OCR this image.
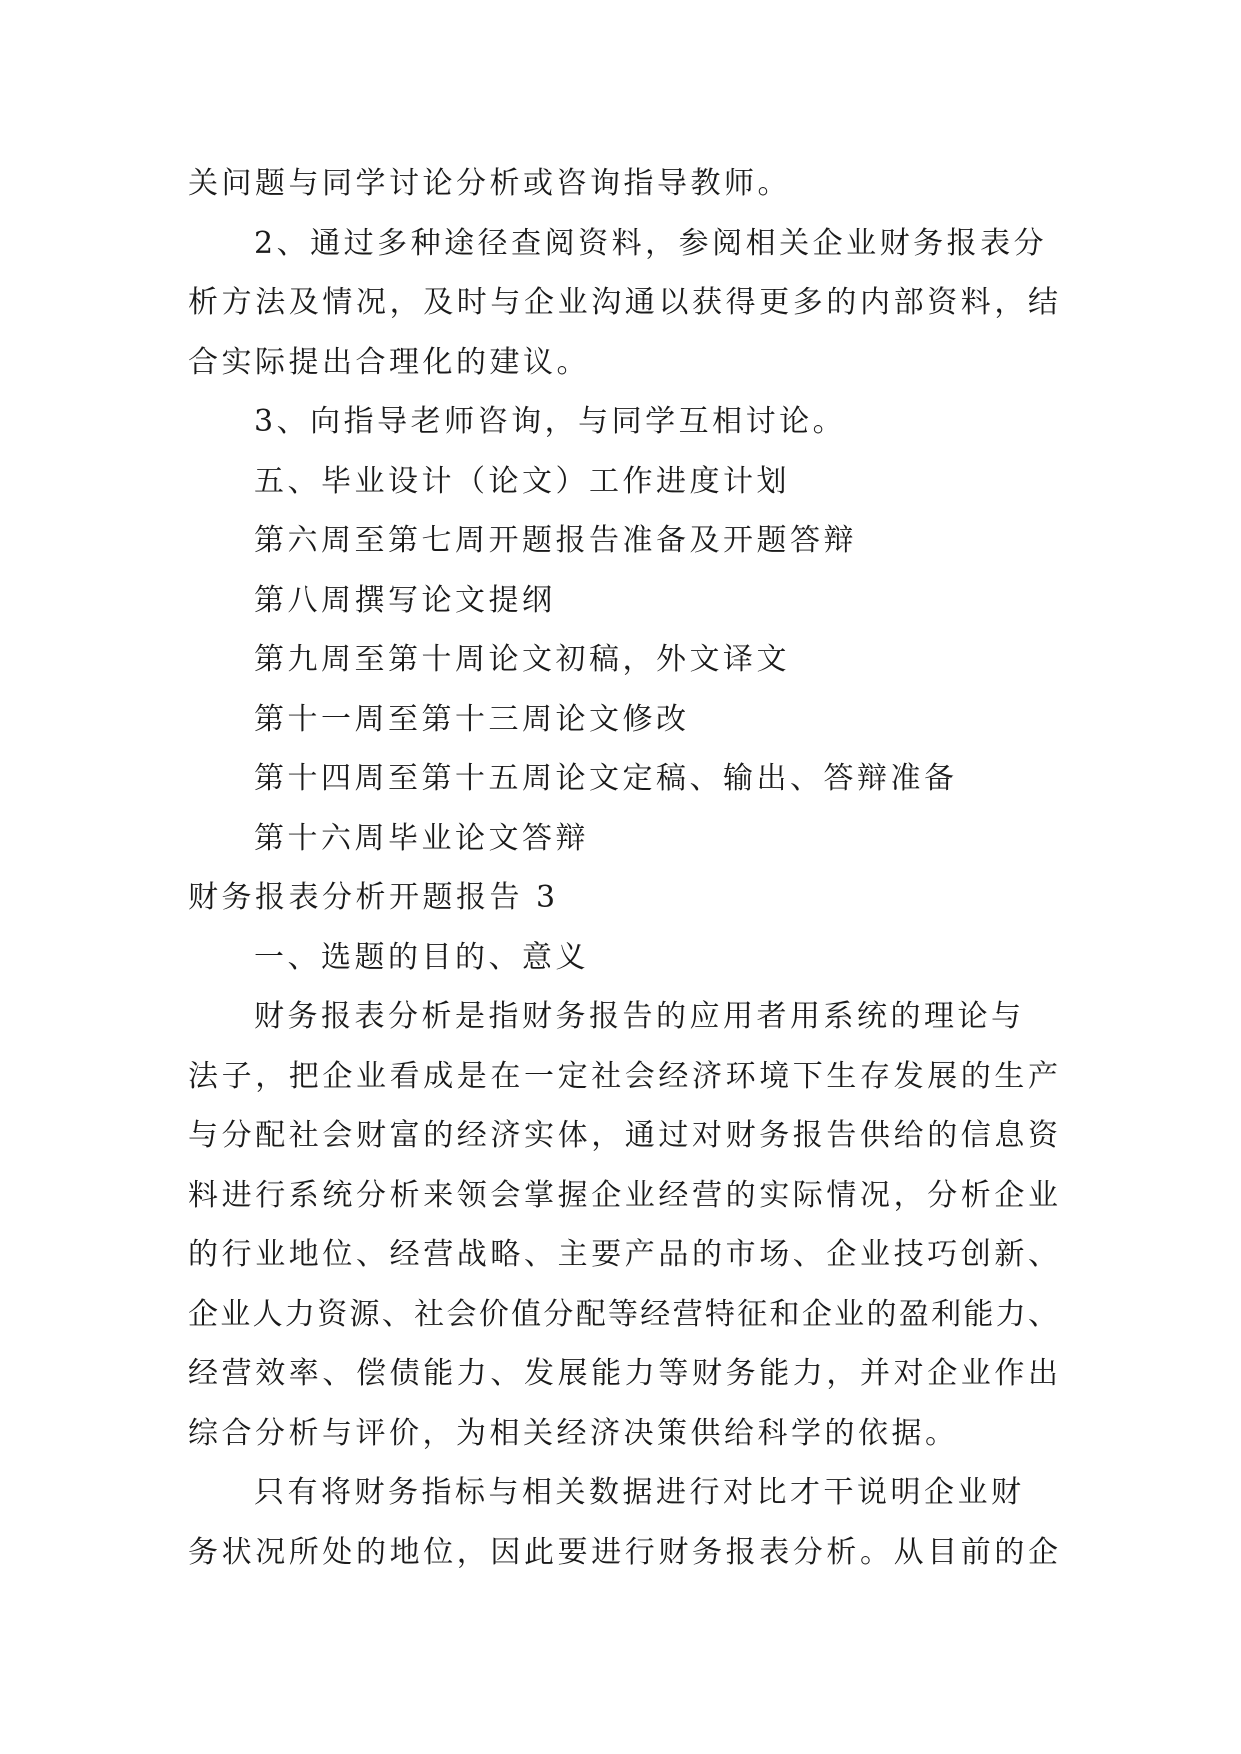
关问题与同学讨论分析或咨询指导教师。
2、通过多种途径查阅资料，参阅相关企业财务报表分
析方法及情况，及时与企业沟通以获得更多的内部资料，结
合实际提出合理化的建议。
3、向指导老师咨询，与同学互相讨论。
五、毕业设计（论文）工作进度计划
第六周至第七周开题报告准备及开题答辩
第八周撰写论文提纲
第九周至第十周论文初稿，外文译文
第十一周至第十三周论文修改
第十四周至第十五周论文定稿、输出、答辩准备
第十六周毕业论文答辩
财务报表分析开题报告 3
一、选题的目的、意义
财务报表分析是指财务报告的应用者用系统的理论与
法子，把企业看成是在一定社会经济环境下生存发展的生产
与分配社会财富的经济实体，通过对财务报告供给的信息资
料进行系统分析来领会掌握企业经营的实际情况，分析企业
的行业地位、经营战略、主要产品的市场、企业技巧创新、
企业人力资源、社会价值分配等经营特征和企业的盈利能力、
经营效率、偿债能力、发展能力等财务能力，并对企业作出
综合分析与评价，为相关经济决策供给科学的依据。
只有将财务指标与相关数据进行对比才干说明企业财
务状况所处的地位，因此要进行财务报表分析。从目前的企
